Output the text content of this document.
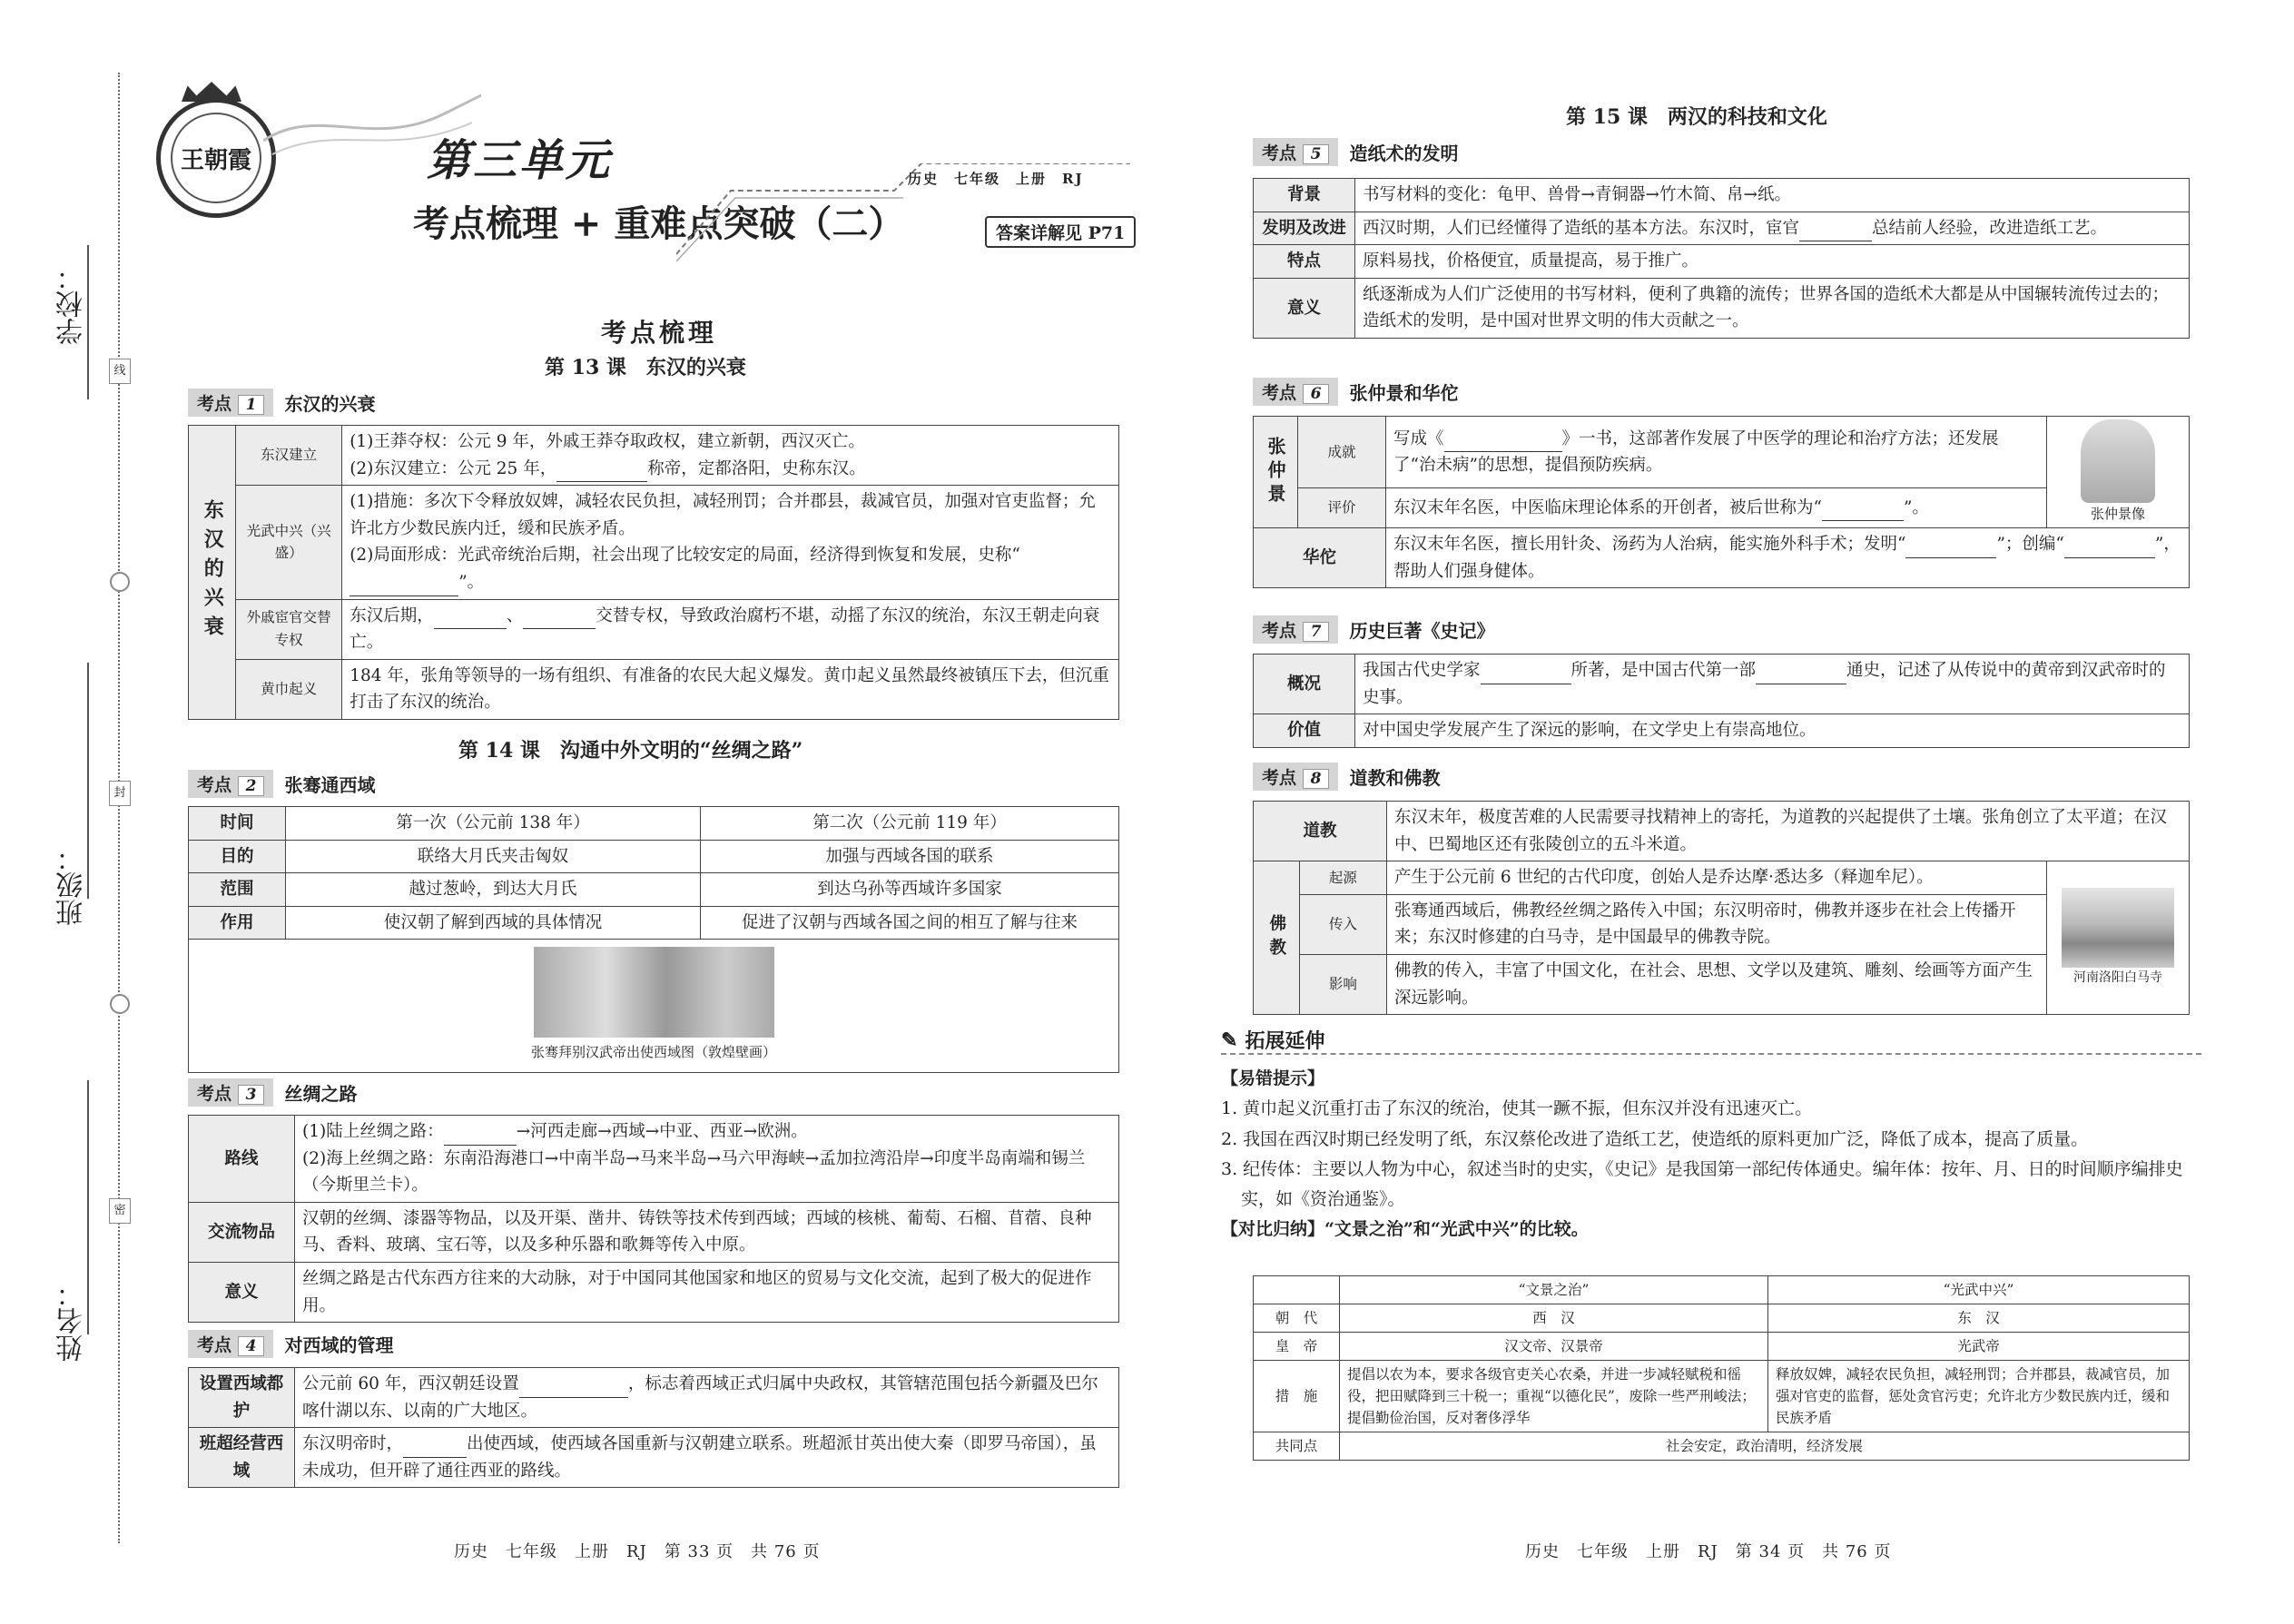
学校：
班级：
姓名：
线
封
密
王朝霞	第三单元
考点梳理 + 重难点突破（二）
历史　七年级　上册　RJ
答案详解见 P71
考点梳理
第 13 课　东汉的兴衰
考点 1	东汉的兴衰
东汉的兴衰	东汉建立	(1)王莽夺权：公元 9 年，外戚王莽夺取政权，建立新朝，西汉灭亡。
(2)东汉建立：公元 25 年， 称帝，定都洛阳，史称东汉。

	光武中兴（兴盛）	(1)措施：多次下令释放奴婢，减轻农民负担，减轻刑罚；合并郡县，裁减官员，加强对官吏监督；允许北方少数民族内迁，缓和民族矛盾。
(2)局面形成：光武帝统治后期，社会出现了比较安定的局面，经济得到恢复和发展，史称“”。

	外戚宦官交替专权	东汉后期， 、 交替专权，导致政治腐朽不堪，动摇了东汉的统治，东汉王朝走向衰亡。
	黄巾起义	184 年，张角等领导的一场有组织、有准备的农民大起义爆发。黄巾起义虽然最终被镇压下去，但沉重打击了东汉的统治。
第 14 课　沟通中外文明的“丝绸之路”
考点 2	张骞通西域
时间	第一次（公元前 138 年）	第二次（公元前 119 年）
目的	联络大月氏夹击匈奴	加强与西域各国的联系
范围	越过葱岭，到达大月氏	到达乌孙等西域许多国家
作用	使汉朝了解到西域的具体情况	促进了汉朝与西域各国之间的相互了解与往来

张骞拜别汉武帝出使西域图（敦煌壁画）		
考点 3	丝绸之路
路线	(1)陆上丝绸之路： →河西走廊→西域→中亚、西亚→欧洲。
(2)海上丝绸之路：东南沿海港口→中南半岛→马来半岛→马六甲海峡→孟加拉湾沿岸→印度半岛南端和锡兰（今斯里兰卡）。

交流物品	汉朝的丝绸、漆器等物品，以及开渠、凿井、铸铁等技术传到西域；西域的核桃、葡萄、石榴、苜蓿、良种马、香料、玻璃、宝石等，以及多种乐器和歌舞等传入中原。
意义	丝绸之路是古代东西方往来的大动脉，对于中国同其他国家和地区的贸易与文化交流，起到了极大的促进作用。
考点 4	对西域的管理
设置西域都护	公元前 60 年，西汉朝廷设置 ，标志着西域正式归属中央政权，其管辖范围包括今新疆及巴尔喀什湖以东、以南的广大地区。
班超经营西域	东汉明帝时， 出使西域，使西域各国重新与汉朝建立联系。班超派甘英出使大秦（即罗马帝国），虽未成功，但开辟了通往西亚的路线。
历史　七年级　上册　RJ　第 33 页　共 76 页
第 15 课　两汉的科技和文化
考点 5	造纸术的发明
背景	书写材料的变化：龟甲、兽骨→青铜器→竹木简、帛→纸。
发明及改进	西汉时期，人们已经懂得了造纸的基本方法。东汉时，宦官 总结前人经验，改进造纸工艺。
特点	原料易找，价格便宜，质量提高，易于推广。
意义	纸逐渐成为人们广泛使用的书写材料，便利了典籍的流传；世界各国的造纸术大都是从中国辗转流传过去的；造纸术的发明，是中国对世界文明的伟大贡献之一。
考点 6	张仲景和华佗
张仲景	成就	写成《 》一书，这部著作发展了中医学的理论和治疗方法；还发展了“治未病”的思想，提倡预防疾病。	张仲景像

	评价	东汉末年名医，中医临床理论体系的开创者，被后世称为“ ”。	
华佗		东汉末年名医，擅长用针灸、汤药为人治病，能实施外科手术；发明“ ”；创编“ ”，帮助人们强身健体。	
考点 7	历史巨著《史记》
概况	我国古代史学家 所著，是中国古代第一部 通史，记述了从传说中的黄帝到汉武帝时的史事。
价值	对中国史学发展产生了深远的影响，在文学史上有崇高地位。
考点 8	道教和佛教
道教		东汉末年，极度苦难的人民需要寻找精神上的寄托，为道教的兴起提供了土壤。张角创立了太平道；在汉中、巴蜀地区还有张陵创立的五斗米道。	
佛教	起源	产生于公元前 6 世纪的古代印度，创始人是乔达摩·悉达多（释迦牟尼）。	河南洛阳白马寺

	传入	张骞通西域后，佛教经丝绸之路传入中国；东汉明帝时，佛教并逐步在社会上传播开来；东汉时修建的白马寺，是中国最早的佛教寺院。	
	影响	佛教的传入，丰富了中国文化，在社会、思想、文学以及建筑、雕刻、绘画等方面产生深远影响。	
✎ 拓展延伸
【易错提示】
1. 黄巾起义沉重打击了东汉的统治，使其一蹶不振，但东汉并没有迅速灭亡。
2. 我国在西汉时期已经发明了纸，东汉蔡伦改进了造纸工艺，使造纸的原料更加广泛，降低了成本，提高了质量。
3. 纪传体：主要以人物为中心，叙述当时的史实，《史记》是我国第一部纪传体通史。编年体：按年、月、日的时间顺序编排史实，如《资治通鉴》。
【对比归纳】“文景之治”和“光武中兴”的比较。
	“文景之治”	“光武中兴”
朝　代	西　汉	东　汉
皇　帝	汉文帝、汉景帝	光武帝
措　施	提倡以农为本，要求各级官吏关心农桑，并进一步减轻赋税和徭役，把田赋降到三十税一；重视“以德化民”，废除一些严刑峻法；提倡勤俭治国，反对奢侈浮华	释放奴婢，减轻农民负担，减轻刑罚；合并郡县，裁减官员，加强对官吏的监督，惩处贪官污吏；允许北方少数民族内迁，缓和民族矛盾
共同点	社会安定，政治清明，经济发展	
历史　七年级　上册　RJ　第 34 页　共 76 页
